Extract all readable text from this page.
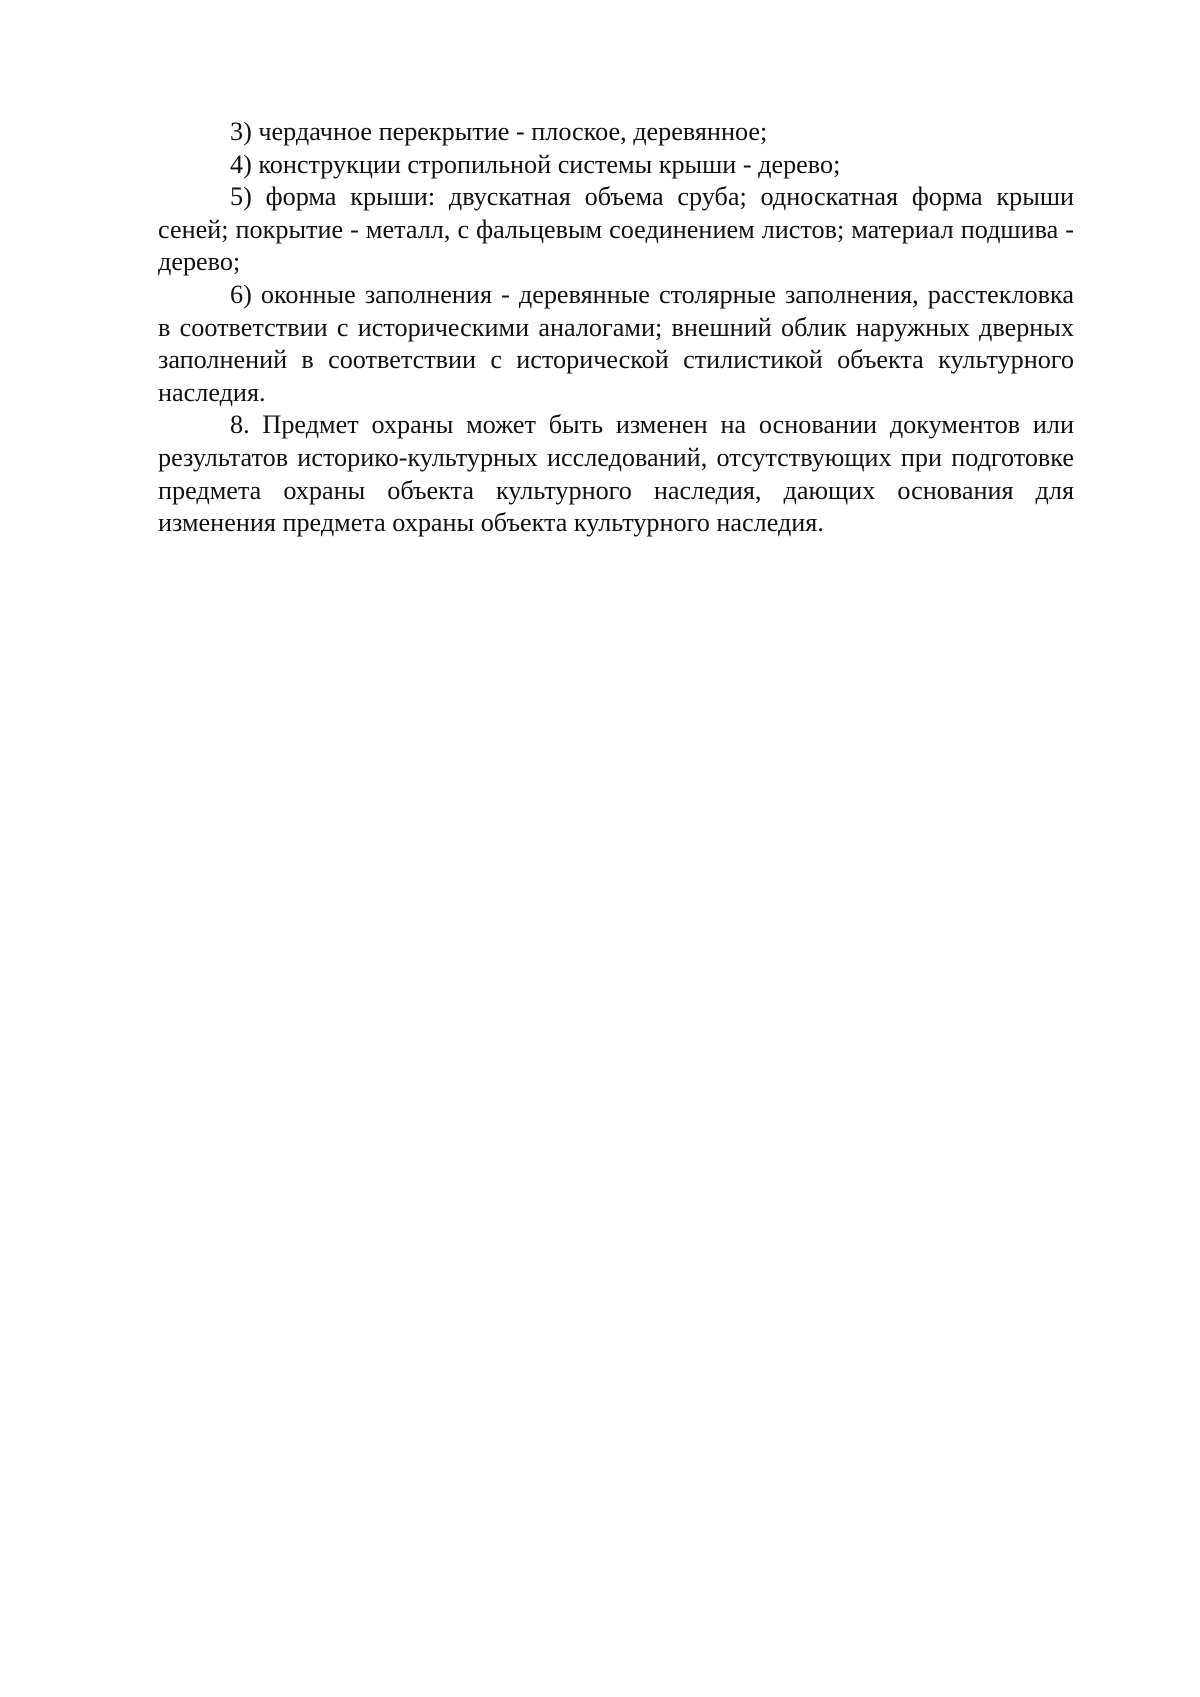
3) чердачное перекрытие - плоское, деревянное;

4) конструкции стропильной системы крыши - дерево;

5) форма крыши: двускатная объема сруба; односкатная форма крыши сеней; покрытие - металл, с фальцевым соединением листов; материал подшива - дерево;

6) оконные заполнения - деревянные столярные заполнения, расстекловка в соответствии с историческими аналогами; внешний облик наружных дверных заполнений в соответствии с исторической стилистикой объекта культурного наследия.

8. Предмет охраны может быть изменен на основании документов или результатов историко-культурных исследований, отсутствующих при подготовке предмета охраны объекта культурного наследия, дающих основания для изменения предмета охраны объекта культурного наследия.
